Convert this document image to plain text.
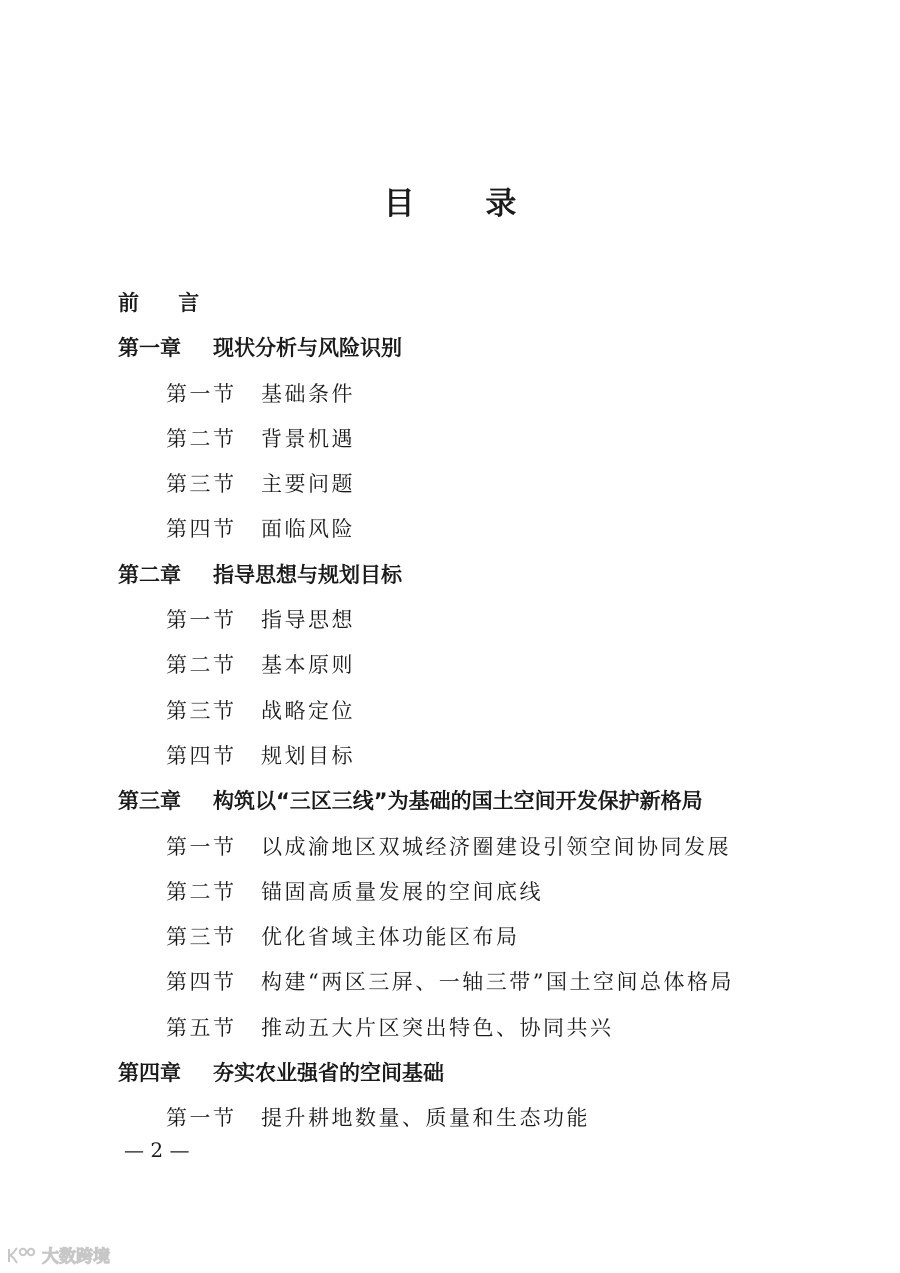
目 录
前 言
第一章 现状分析与风险识别
第一节 基础条件
第二节 背景机遇
第三节 主要问题
第四节 面临风险
第二章 指导思想与规划目标
第一节 指导思想
第二节 基本原则
第三节 战略定位
第四节 规划目标
第三章 构筑以“三区三线”为基础的国土空间开发保护新格局
第一节 以成渝地区双城经济圈建设引领空间协同发展
第二节 锚固高质量发展的空间底线
第三节 优化省域主体功能区布局
第四节 构建“两区三屏、一轴三带”国土空间总体格局
第五节 推动五大片区突出特色、协同共兴
第四章 夯实农业强省的空间基础
第一节 提升耕地数量、质量和生态功能
— 2 —
大数跨境
